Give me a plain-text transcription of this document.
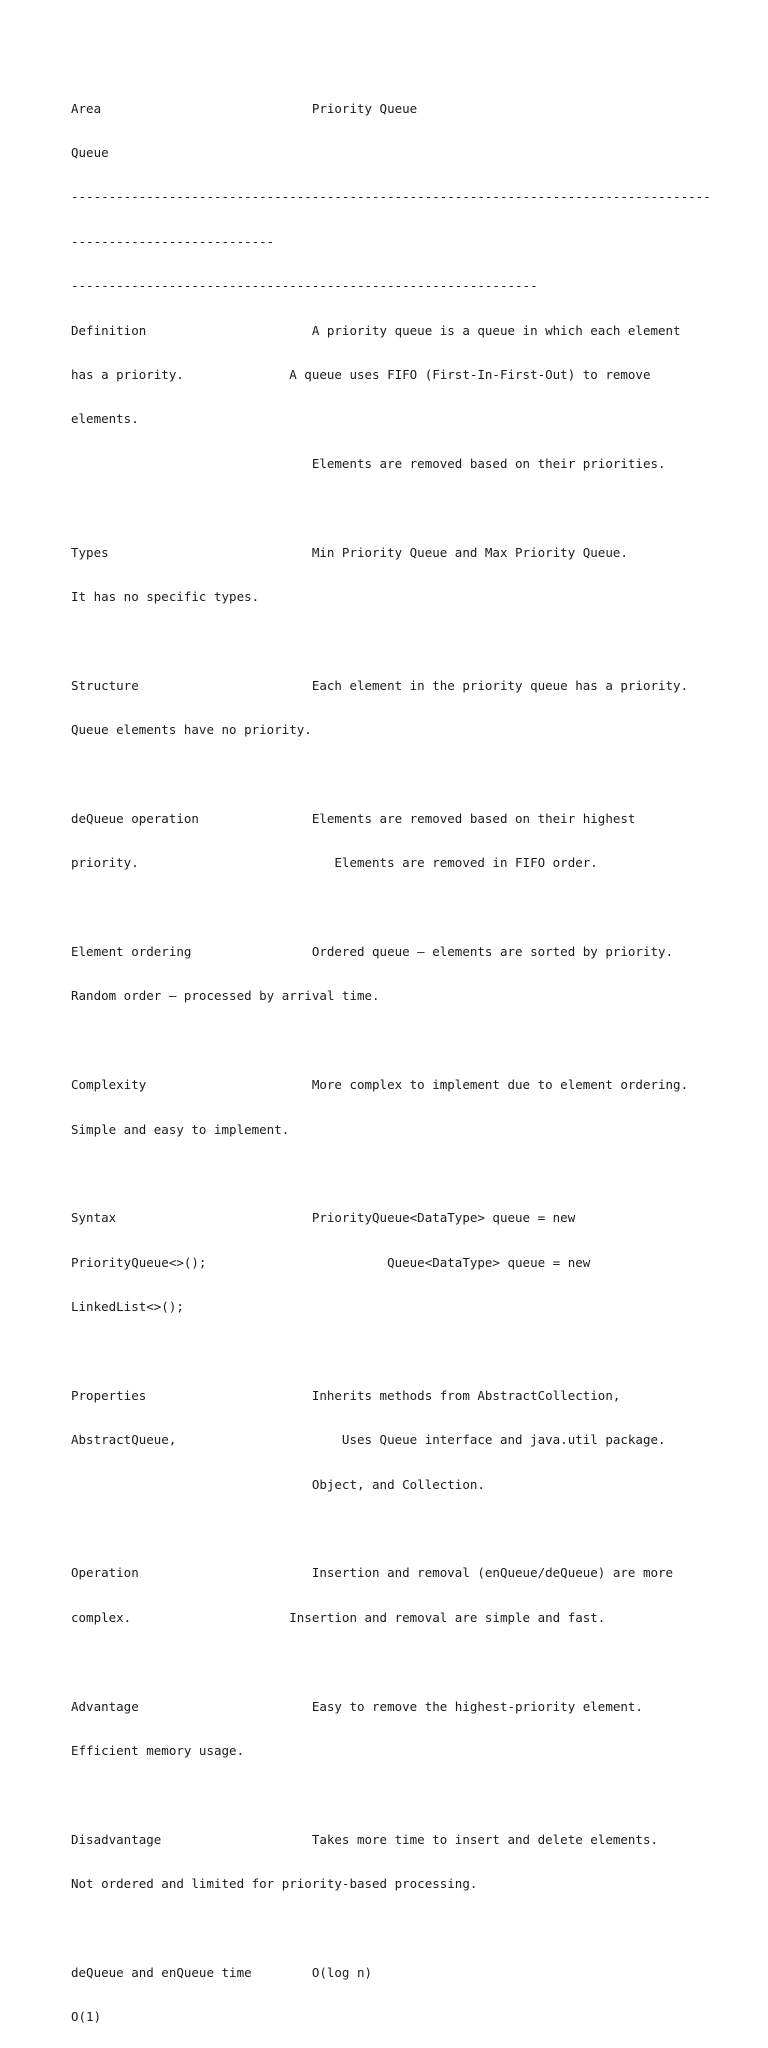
Area                            Priority Queue

Queue

-------------------------------------------------------------------------------------

---------------------------

--------------------------------------------------------------

Definition                      A priority queue is a queue in which each element

has a priority.              A queue uses FIFO (First-In-First-Out) to remove

elements.

Elements are removed based on their priorities.

Types                           Min Priority Queue and Max Priority Queue.

It has no specific types.

Structure                       Each element in the priority queue has a priority.

Queue elements have no priority.

deQueue operation               Elements are removed based on their highest

priority.                          Elements are removed in FIFO order.

Element ordering                Ordered queue — elements are sorted by priority.

Random order — processed by arrival time.

Complexity                      More complex to implement due to element ordering.

Simple and easy to implement.

Syntax                          PriorityQueue<DataType> queue = new

PriorityQueue<>();                        Queue<DataType> queue = new

LinkedList<>();

Properties                      Inherits methods from AbstractCollection,

AbstractQueue,                      Uses Queue interface and java.util package.

Object, and Collection.

Operation                       Insertion and removal (enQueue/deQueue) are more

complex.                     Insertion and removal are simple and fast.

Advantage                       Easy to remove the highest-priority element.

Efficient memory usage.

Disadvantage                    Takes more time to insert and delete elements.

Not ordered and limited for priority-based processing.

deQueue and enQueue time        O(log n)

O(1)
